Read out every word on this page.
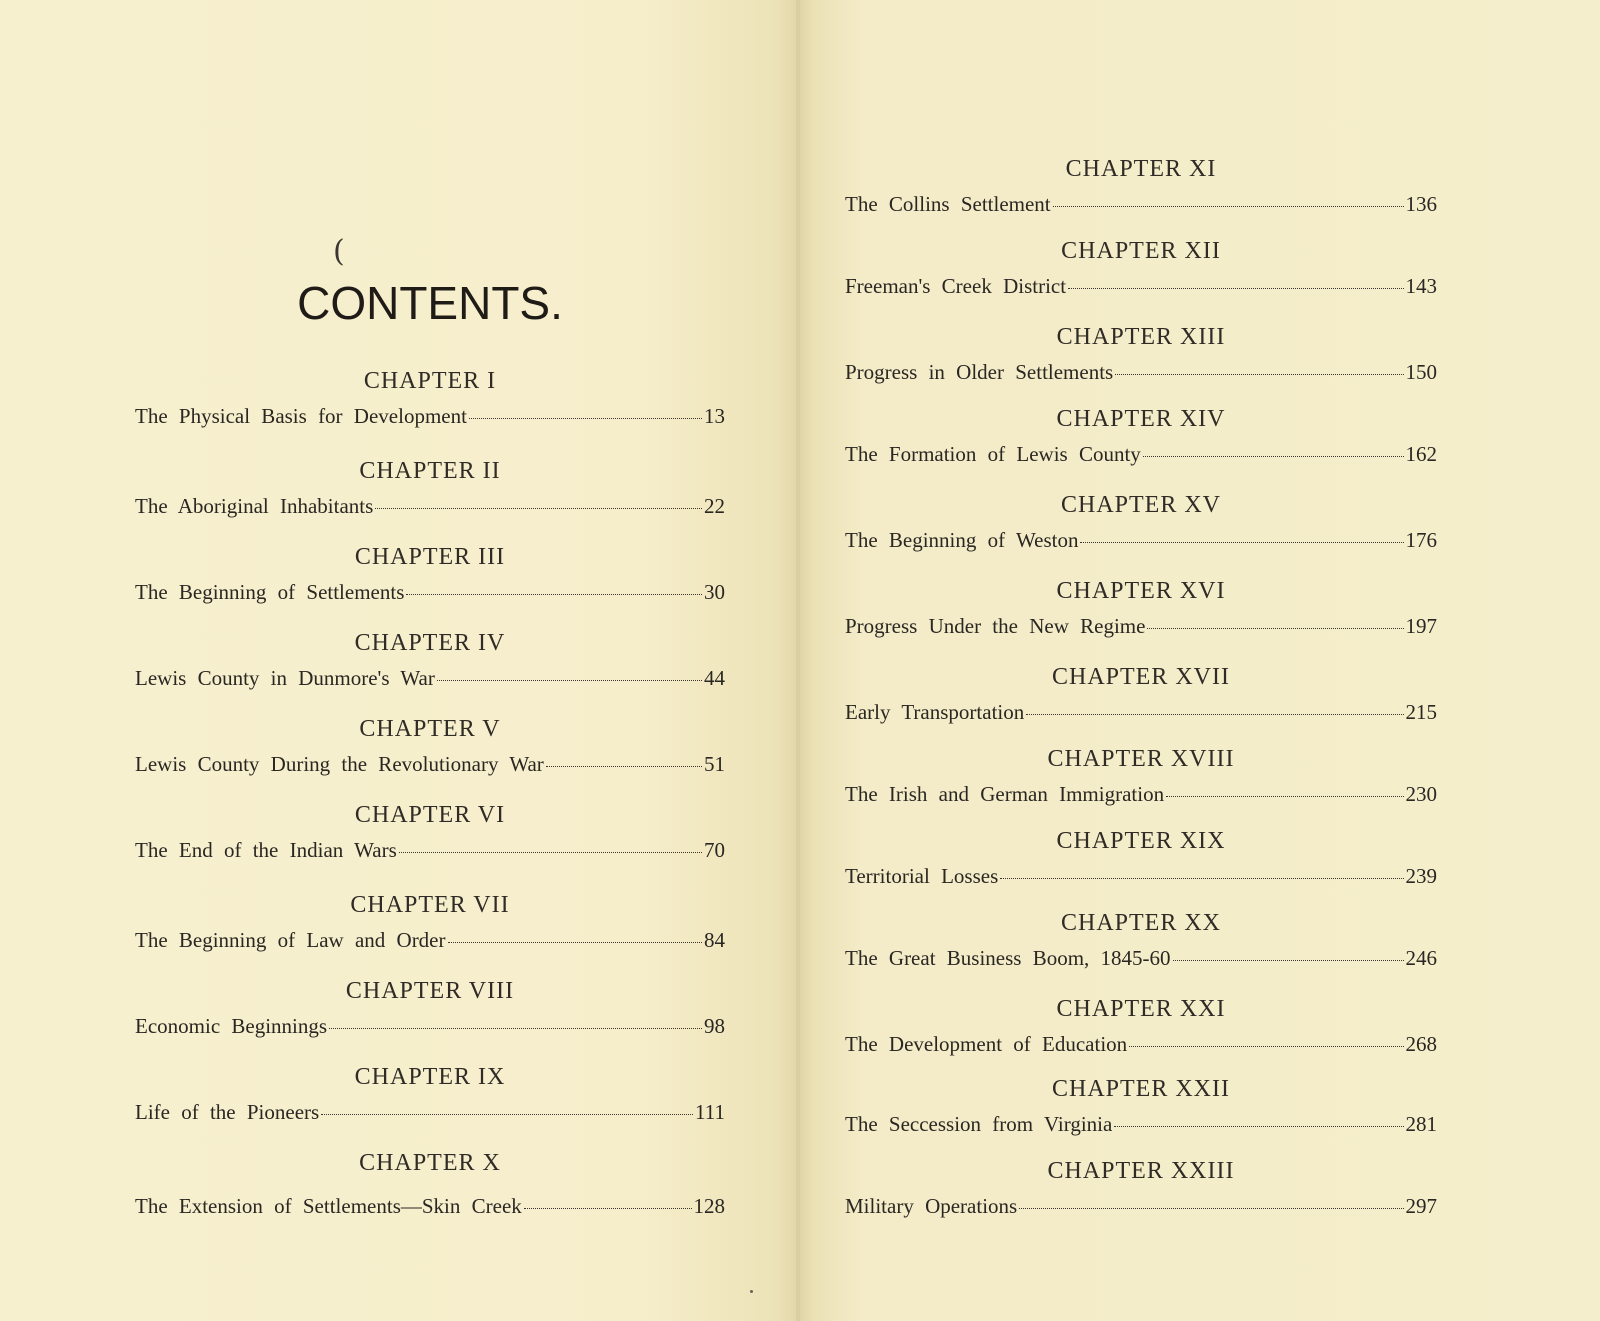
(
CONTENTS.
CHAPTER I
The Physical Basis for Development	13
CHAPTER II
The Aboriginal Inhabitants	22
CHAPTER III
The Beginning of Settlements	30
CHAPTER IV
Lewis County in Dunmore's War	44
CHAPTER V
Lewis County During the Revolutionary War	51
CHAPTER VI
The End of the Indian Wars	70
CHAPTER VII
The Beginning of Law and Order	84
CHAPTER VIII
Economic Beginnings	98
CHAPTER IX
Life of the Pioneers	111
CHAPTER X
The Extension of Settlements—Skin Creek	128
CHAPTER XI
The Collins Settlement	136
CHAPTER XII
Freeman's Creek District	143
CHAPTER XIII
Progress in Older Settlements	150
CHAPTER XIV
The Formation of Lewis County	162
CHAPTER XV
The Beginning of Weston	176
CHAPTER XVI
Progress Under the New Regime	197
CHAPTER XVII
Early Transportation	215
CHAPTER XVIII
The Irish and German Immigration	230
CHAPTER XIX
Territorial Losses	239
CHAPTER XX
The Great Business Boom, 1845-60	246
CHAPTER XXI
The Development of Education	268
CHAPTER XXII
The Seccession from Virginia	281
CHAPTER XXIII
Military Operations	297
